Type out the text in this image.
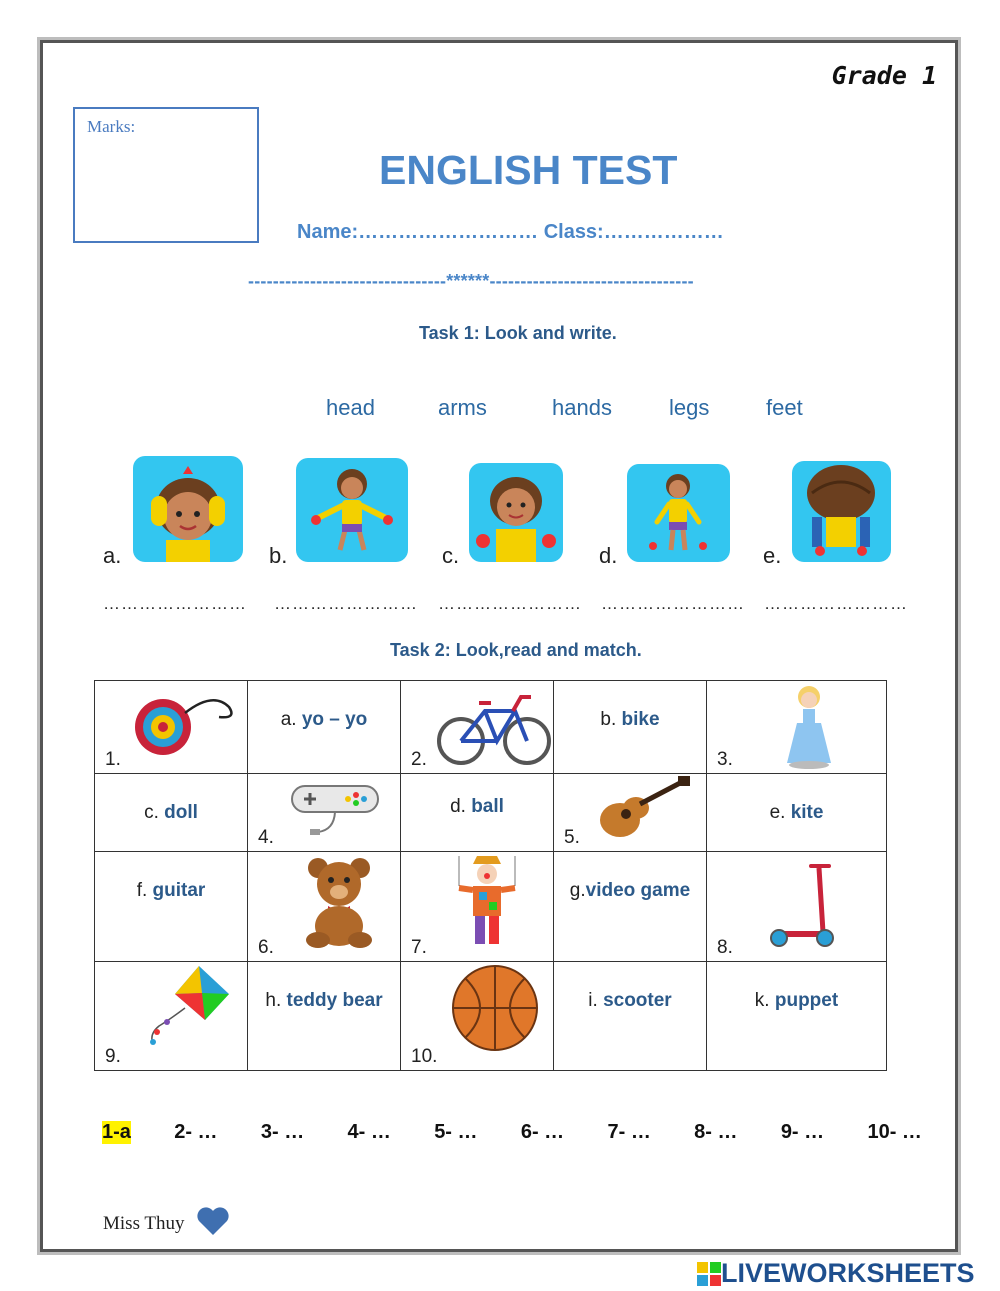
Grade 1
Marks:
ENGLISH TEST
Name:……………………… Class:………………
--------------------------------******---------------------------------
Task 1: Look and write.
head	arms	hands	legs	feet
a.	b.	c.	d.	e.
…………………… …………………… …………………… …………………… ……………………
Task 2: Look,read and match.
1.	a. yo – yo	2.	b. bike	3.

c. doll	4.	d. ball	5.	e. kite
f. guitar	6.	7.	g.video game	8.

9.	h. teddy bear	10.	i. scooter	k. puppet
1-a 2- … 3- … 4- … 5- … 6- … 7- … 8- … 9- … 10- …
Miss Thuy
LIVEWORKSHEETS
